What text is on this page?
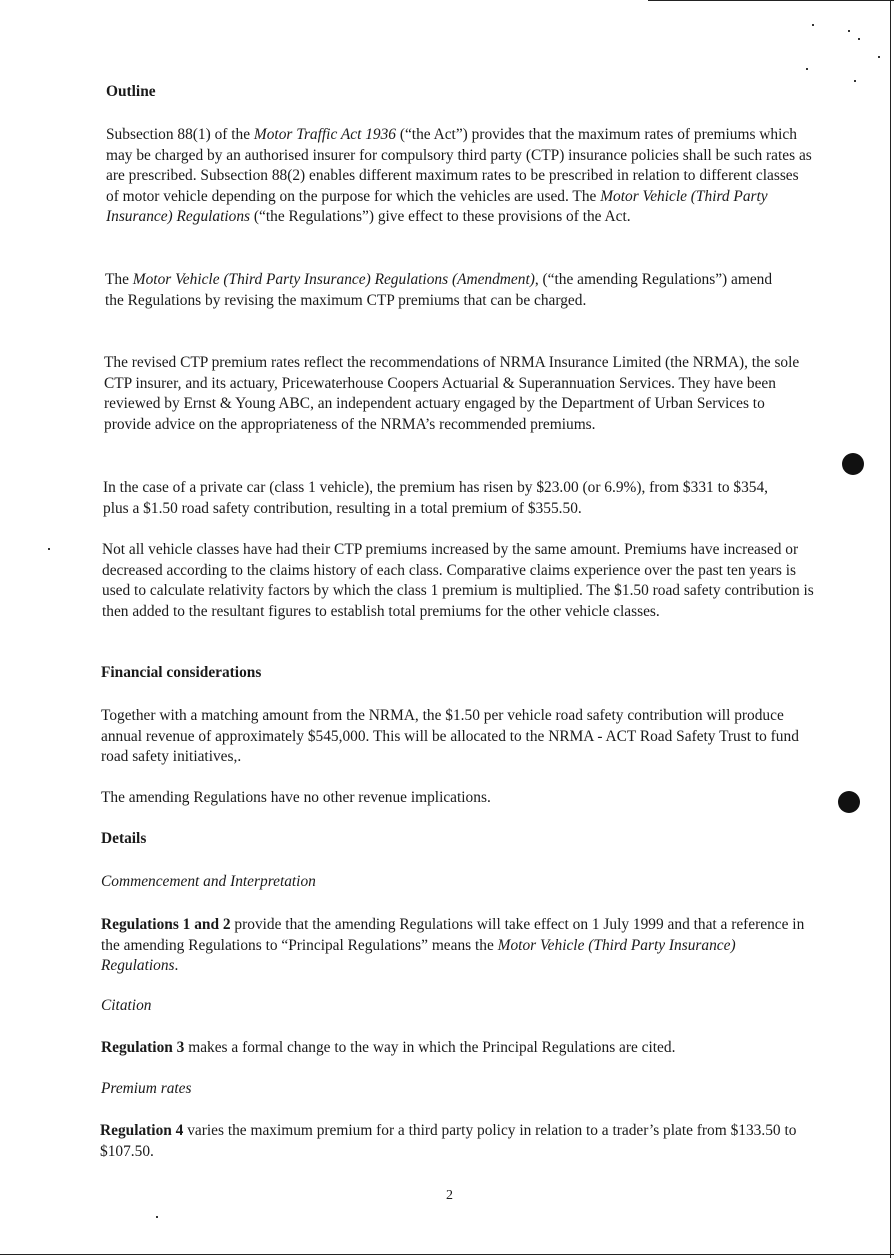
Outline

Subsection 88(1) of the Motor Traffic Act 1936 (“the Act”) provides that the maximum rates of premiums which may be charged by an authorised insurer for compulsory third party (CTP) insurance policies shall be such rates as are prescribed. Subsection 88(2) enables different maximum rates to be prescribed in relation to different classes of motor vehicle depending on the purpose for which the vehicles are used. The Motor Vehicle (Third Party Insurance) Regulations (“the Regulations”) give effect to these provisions of the Act.

The Motor Vehicle (Third Party Insurance) Regulations (Amendment), (“the amending Regulations”) amend the Regulations by revising the maximum CTP premiums that can be charged.

The revised CTP premium rates reflect the recommendations of NRMA Insurance Limited (the NRMA), the sole CTP insurer, and its actuary, Pricewaterhouse Coopers Actuarial & Superannuation Services. They have been reviewed by Ernst & Young ABC, an independent actuary engaged by the Department of Urban Services to provide advice on the appropriateness of the NRMA’s recommended premiums.

In the case of a private car (class 1 vehicle), the premium has risen by $23.00 (or 6.9%), from $331 to $354, plus a $1.50 road safety contribution, resulting in a total premium of $355.50.

Not all vehicle classes have had their CTP premiums increased by the same amount. Premiums have increased or decreased according to the claims history of each class. Comparative claims experience over the past ten years is used to calculate relativity factors by which the class 1 premium is multiplied. The $1.50 road safety contribution is then added to the resultant figures to establish total premiums for the other vehicle classes.

Financial considerations

Together with a matching amount from the NRMA, the $1.50 per vehicle road safety contribution will produce annual revenue of approximately $545,000. This will be allocated to the NRMA - ACT Road Safety Trust to fund road safety initiatives,.

The amending Regulations have no other revenue implications.

Details
Commencement and Interpretation

Regulations 1 and 2 provide that the amending Regulations will take effect on 1 July 1999 and that a reference in the amending Regulations to “Principal Regulations” means the Motor Vehicle (Third Party Insurance) Regulations.

Citation

Regulation 3 makes a formal change to the way in which the Principal Regulations are cited.

Premium rates

Regulation 4 varies the maximum premium for a third party policy in relation to a trader’s plate from $133.50 to $107.50.

2
